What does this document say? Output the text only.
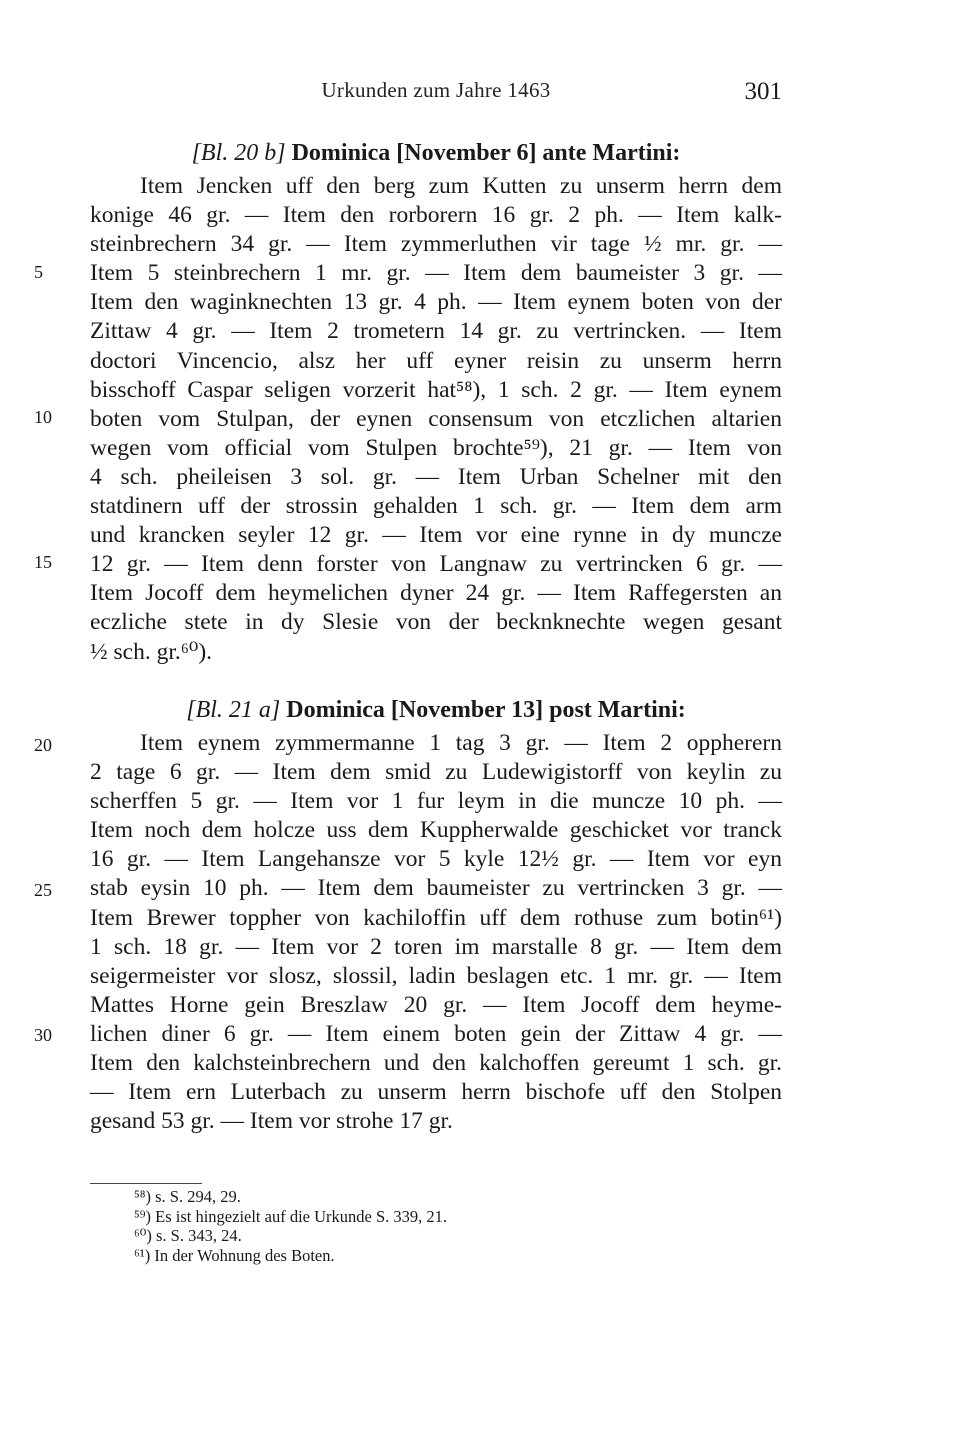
Urkunden zum Jahre 1463	301
[Bl. 20 b] Dominica [November 6] ante Martini:
Item Jencken uff den berg zum Kutten zu unserm herrn dem
konige 46 gr. — Item den rorborern 16 gr. 2 ph. — Item kalk-
steinbrechern 34 gr. — Item zymmerluthen vir tage ½ mr. gr. —
Item 5 steinbrechern 1 mr. gr. — Item dem baumeister 3 gr. —
Item den waginknechten 13 gr. 4 ph. — Item eynem boten von der
Zittaw 4 gr. — Item 2 trometern 14 gr. zu vertrincken. — Item
doctori Vincencio, alsz her uff eyner reisin zu unserm herrn
bisschoff Caspar seligen vorzerit hat⁵⁸), 1 sch. 2 gr. — Item eynem
boten vom Stulpan, der eynen consensum von etczlichen altarien
wegen vom official vom Stulpen brochte⁵⁹), 21 gr. — Item von
4 sch. pheileisen 3 sol. gr. — Item Urban Schelner mit den
statdinern uff der strossin gehalden 1 sch. gr. — Item dem arm
und krancken seyler 12 gr. — Item vor eine rynne in dy muncze
12 gr. — Item denn forster von Langnaw zu vertrincken 6 gr. —
Item Jocoff dem heymelichen dyner 24 gr. — Item Raffegersten an
eczliche stete in dy Slesie von der becknknechte wegen gesant
½ sch. gr.⁶⁰).
[Bl. 21 a] Dominica [November 13] post Martini:
Item eynem zymmermanne 1 tag 3 gr. — Item 2 oppherern
2 tage 6 gr. — Item dem smid zu Ludewigistorff von keylin zu
scherffen 5 gr. — Item vor 1 fur leym in die muncze 10 ph. —
Item noch dem holcze uss dem Kuppherwalde geschicket vor tranck
16 gr. — Item Langehansze vor 5 kyle 12½ gr. — Item vor eyn
stab eysin 10 ph. — Item dem baumeister zu vertrincken 3 gr. —
Item Brewer toppher von kachiloffin uff dem rothuse zum botin⁶¹)
1 sch. 18 gr. — Item vor 2 toren im marstalle 8 gr. — Item dem
seigermeister vor slosz, slossil, ladin beslagen etc. 1 mr. gr. — Item
Mattes Horne gein Breszlaw 20 gr. — Item Jocoff dem heyme-
lichen diner 6 gr. — Item einem boten gein der Zittaw 4 gr. —
Item den kalchsteinbrechern und den kalchoffen gereumt 1 sch. gr.
— Item ern Luterbach zu unserm herrn bischofe uff den Stolpen
gesand 53 gr. — Item vor strohe 17 gr.
5
10
15
20
25
30
⁵⁸) s. S. 294, 29.
⁵⁹) Es ist hingezielt auf die Urkunde S. 339, 21.
⁶⁰) s. S. 343, 24.
⁶¹) In der Wohnung des Boten.
